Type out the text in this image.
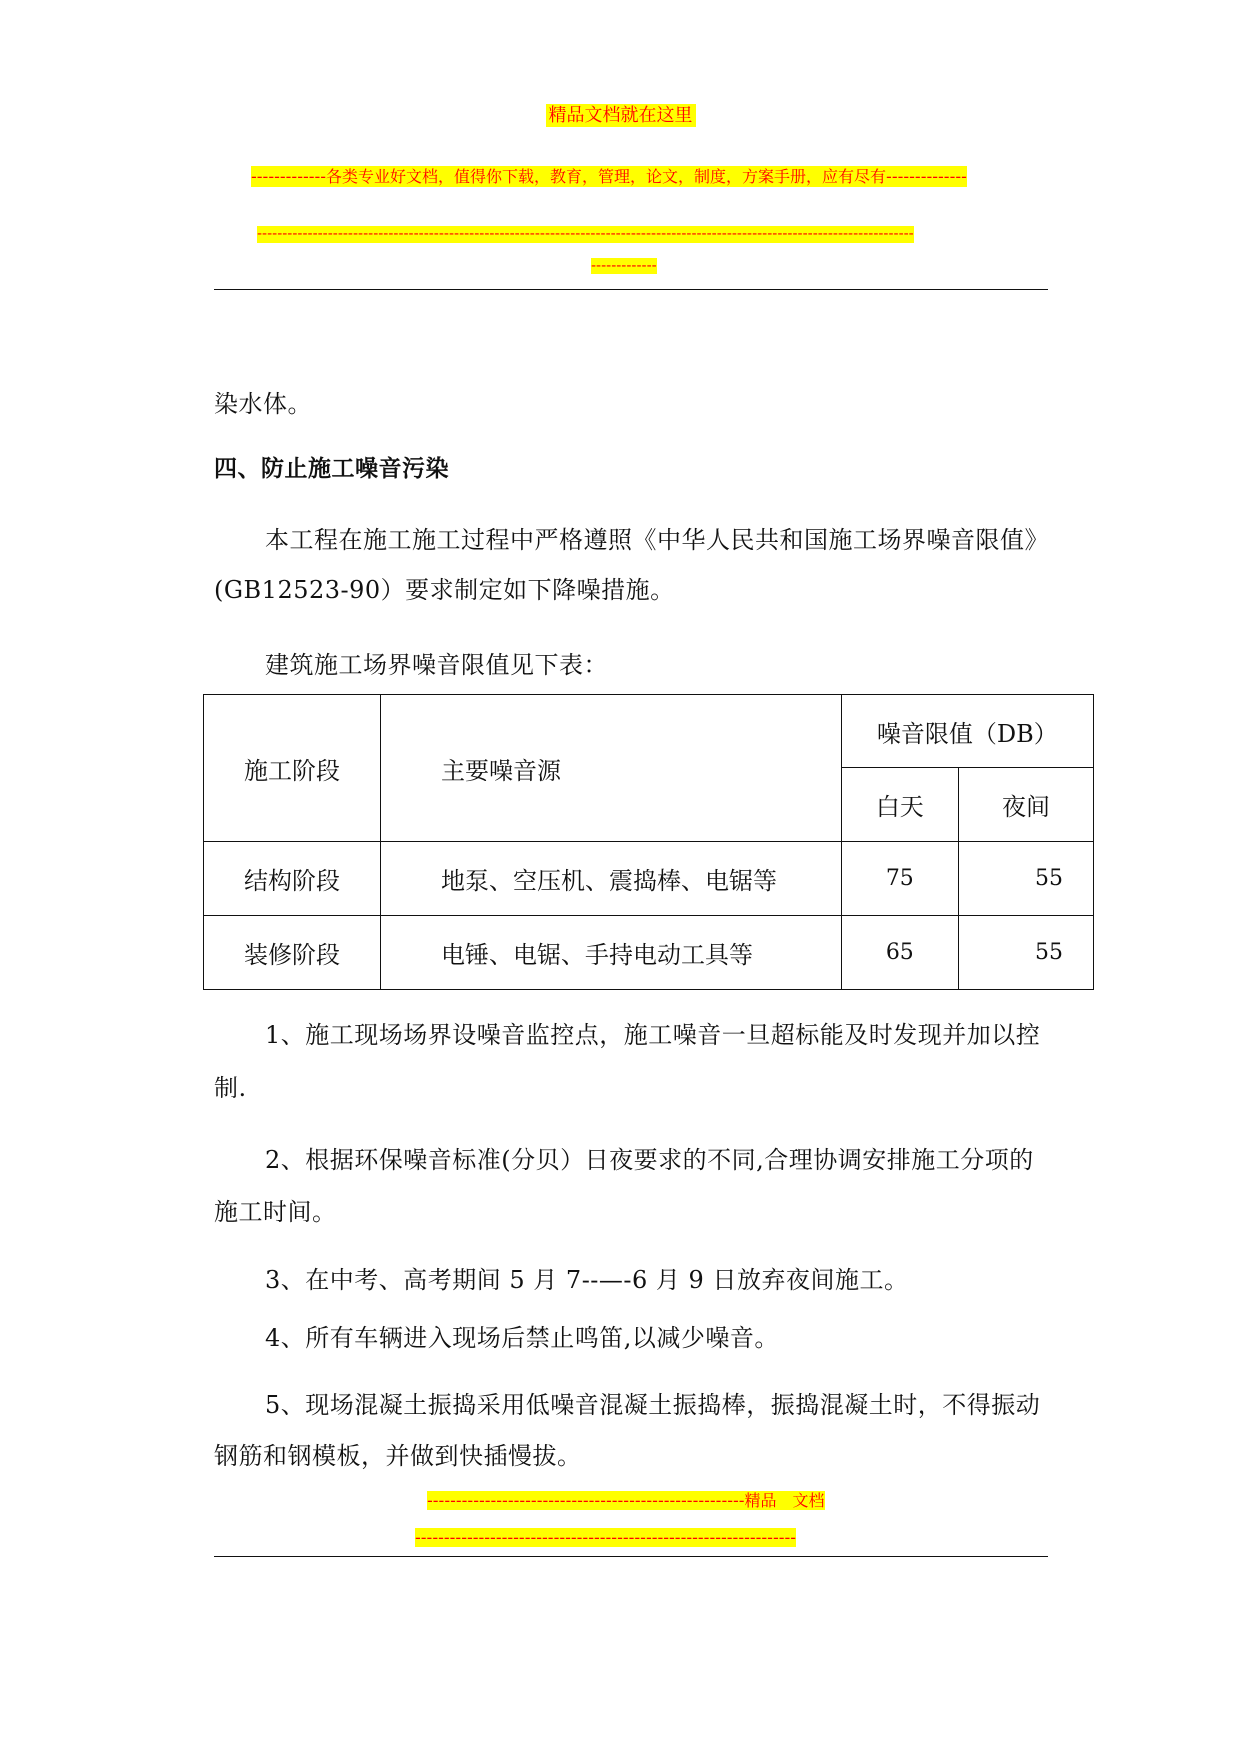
精品文档就在这里
-------------各类专业好文档，值得你下载，教育，管理，论文，制度，方案手册，应有尽有--------------
----------------------------------------------------------------------------------------------------------------------------------
-------------
染水体。
四、防止施工噪音污染
本工程在施工施工过程中严格遵照《中华人民共和国施工场界噪音限值》
(GB12523-90）要求制定如下降噪措施。
建筑施工场界噪音限值见下表：
施工阶段	主要噪音源	噪音限值（DB）	
		白天	夜间
结构阶段	地泵、空压机、震捣棒、电锯等	75	55
装修阶段	电锤、电锯、手持电动工具等	65	55
1、施工现场场界设噪音监控点，施工噪音一旦超标能及时发现并加以控
制.
2、根据环保噪音标准(分贝）日夜要求的不同,合理协调安排施工分项的
施工时间。
3、在中考、高考期间 5 月 7--—-6 月 9 日放弃夜间施工。
4、所有车辆进入现场后禁止鸣笛,以减少噪音。
5、现场混凝土振捣采用低噪音混凝土振捣棒，振捣混凝土时，不得振动
钢筋和钢模板，并做到快插慢拔。
-------------------------------------------------------精品　文档
------------------------------------------------------------------
